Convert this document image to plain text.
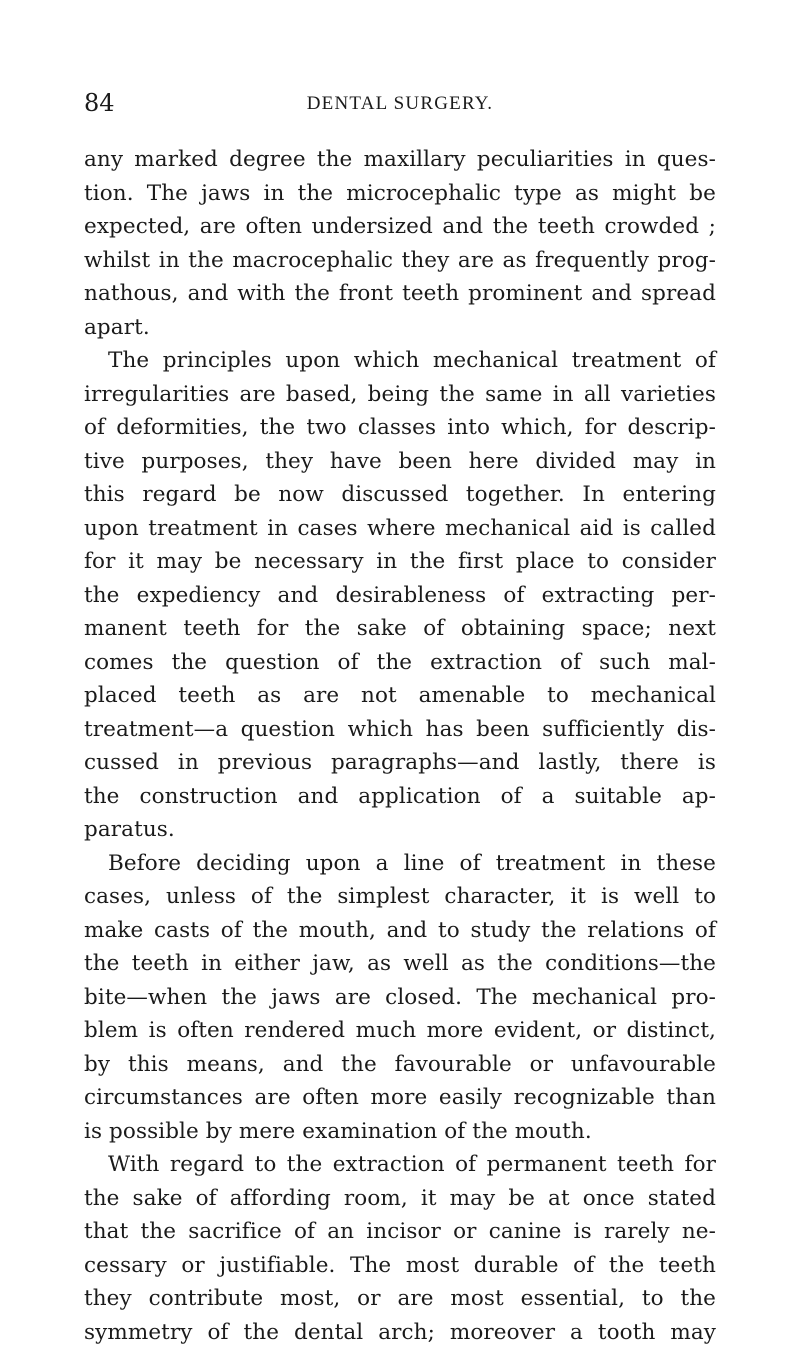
84	DENTAL SURGERY.
any marked degree the maxillary peculiarities in ques-
tion. The jaws in the microcephalic type as might be
expected, are often undersized and the teeth crowded ;
whilst in the macrocephalic they are as frequently prog-
nathous, and with the front teeth prominent and spread
apart.
The principles upon which mechanical treatment of
irregularities are based, being the same in all varieties
of deformities, the two classes into which, for descrip-
tive purposes, they have been here divided may in
this regard be now discussed together. In entering
upon treatment in cases where mechanical aid is called
for it may be necessary in the first place to consider
the expediency and desirableness of extracting per-
manent teeth for the sake of obtaining space; next
comes the question of the extraction of such mal-
placed teeth as are not amenable to mechanical
treatment—a question which has been sufficiently dis-
cussed in previous paragraphs—and lastly, there is
the construction and application of a suitable ap-
paratus.
Before deciding upon a line of treatment in these
cases, unless of the simplest character, it is well to
make casts of the mouth, and to study the relations of
the teeth in either jaw, as well as the conditions—the
bite—when the jaws are closed. The mechanical pro-
blem is often rendered much more evident, or distinct,
by this means, and the favourable or unfavourable
circumstances are often more easily recognizable than
is possible by mere examination of the mouth.
With regard to the extraction of permanent teeth for
the sake of affording room, it may be at once stated
that the sacrifice of an incisor or canine is rarely ne-
cessary or justifiable. The most durable of the teeth
they contribute most, or are most essential, to the
symmetry of the dental arch; moreover a tooth may
